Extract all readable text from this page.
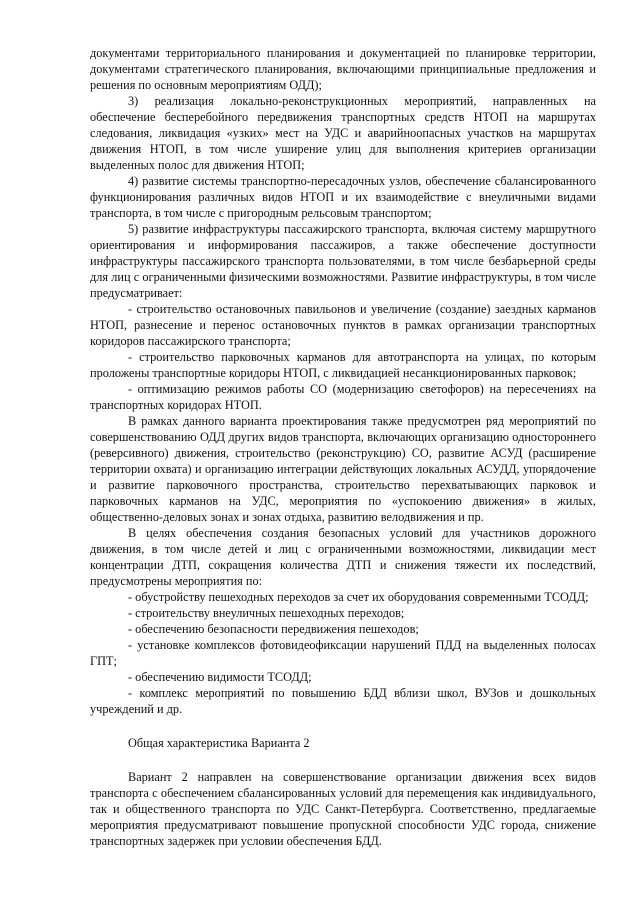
документами территориального планирования и документацией по планировке территории, документами стратегического планирования, включающими принципиальные предложения и решения по основным мероприятиям ОДД);

3) реализация локально-реконструкционных мероприятий, направленных на обеспечение бесперебойного передвижения транспортных средств НТОП на маршрутах следования, ликвидация «узких» мест на УДС и аварийноопасных участков на маршрутах движения НТОП, в том числе уширение улиц для выполнения критериев организации выделенных полос для движения НТОП;

4) развитие системы транспортно-пересадочных узлов, обеспечение сбалансированного функционирования различных видов НТОП и их взаимодействие с внеуличными видами транспорта, в том числе с пригородным рельсовым транспортом;

5) развитие инфраструктуры пассажирского транспорта, включая систему маршрутного ориентирования и информирования пассажиров, а также обеспечение доступности инфраструктуры пассажирского транспорта пользователями, в том числе безбарьерной среды для лиц с ограниченными физическими возможностями. Развитие инфраструктуры, в том числе предусматривает:

- строительство остановочных павильонов и увеличение (создание) заездных карманов НТОП, разнесение и перенос остановочных пунктов в рамках организации транспортных коридоров пассажирского транспорта;

- строительство парковочных карманов для автотранспорта на улицах, по которым проложены транспортные коридоры НТОП, с ликвидацией несанкционированных парковок;

- оптимизацию режимов работы СО (модернизацию светофоров) на пересечениях на транспортных коридорах НТОП.

В рамках данного варианта проектирования также предусмотрен ряд мероприятий по совершенствованию ОДД других видов транспорта, включающих организацию одностороннего (реверсивного) движения, строительство (реконструкцию) СО, развитие АСУД (расширение территории охвата) и организацию интеграции действующих локальных АСУДД, упорядочение и развитие парковочного пространства, строительство перехватывающих парковок и парковочных карманов на УДС, мероприятия по «успокоению движения» в жилых, общественно-деловых зонах и зонах отдыха, развитию велодвижения и пр.

В целях обеспечения создания безопасных условий для участников дорожного движения, в том числе детей и лиц с ограниченными возможностями, ликвидации мест концентрации ДТП, сокращения количества ДТП и снижения тяжести их последствий, предусмотрены мероприятия по:

- обустройству пешеходных переходов за счет их оборудования современными ТСОДД;

- строительству внеуличных пешеходных переходов;

- обеспечению безопасности передвижения пешеходов;

- установке комплексов фотовидеофиксации нарушений ПДД на выделенных полосах ГПТ;

- обеспечению видимости ТСОДД;

- комплекс мероприятий по повышению БДД вблизи школ, ВУЗов и дошкольных учреждений и др.

Общая характеристика Варианта 2

Вариант 2 направлен на совершенствование организации движения всех видов транспорта с обеспечением сбалансированных условий для перемещения как индивидуального, так и общественного транспорта по УДС Санкт-Петербурга. Соответственно, предлагаемые мероприятия предусматривают повышение пропускной способности УДС города, снижение транспортных задержек при условии обеспечения БДД.
